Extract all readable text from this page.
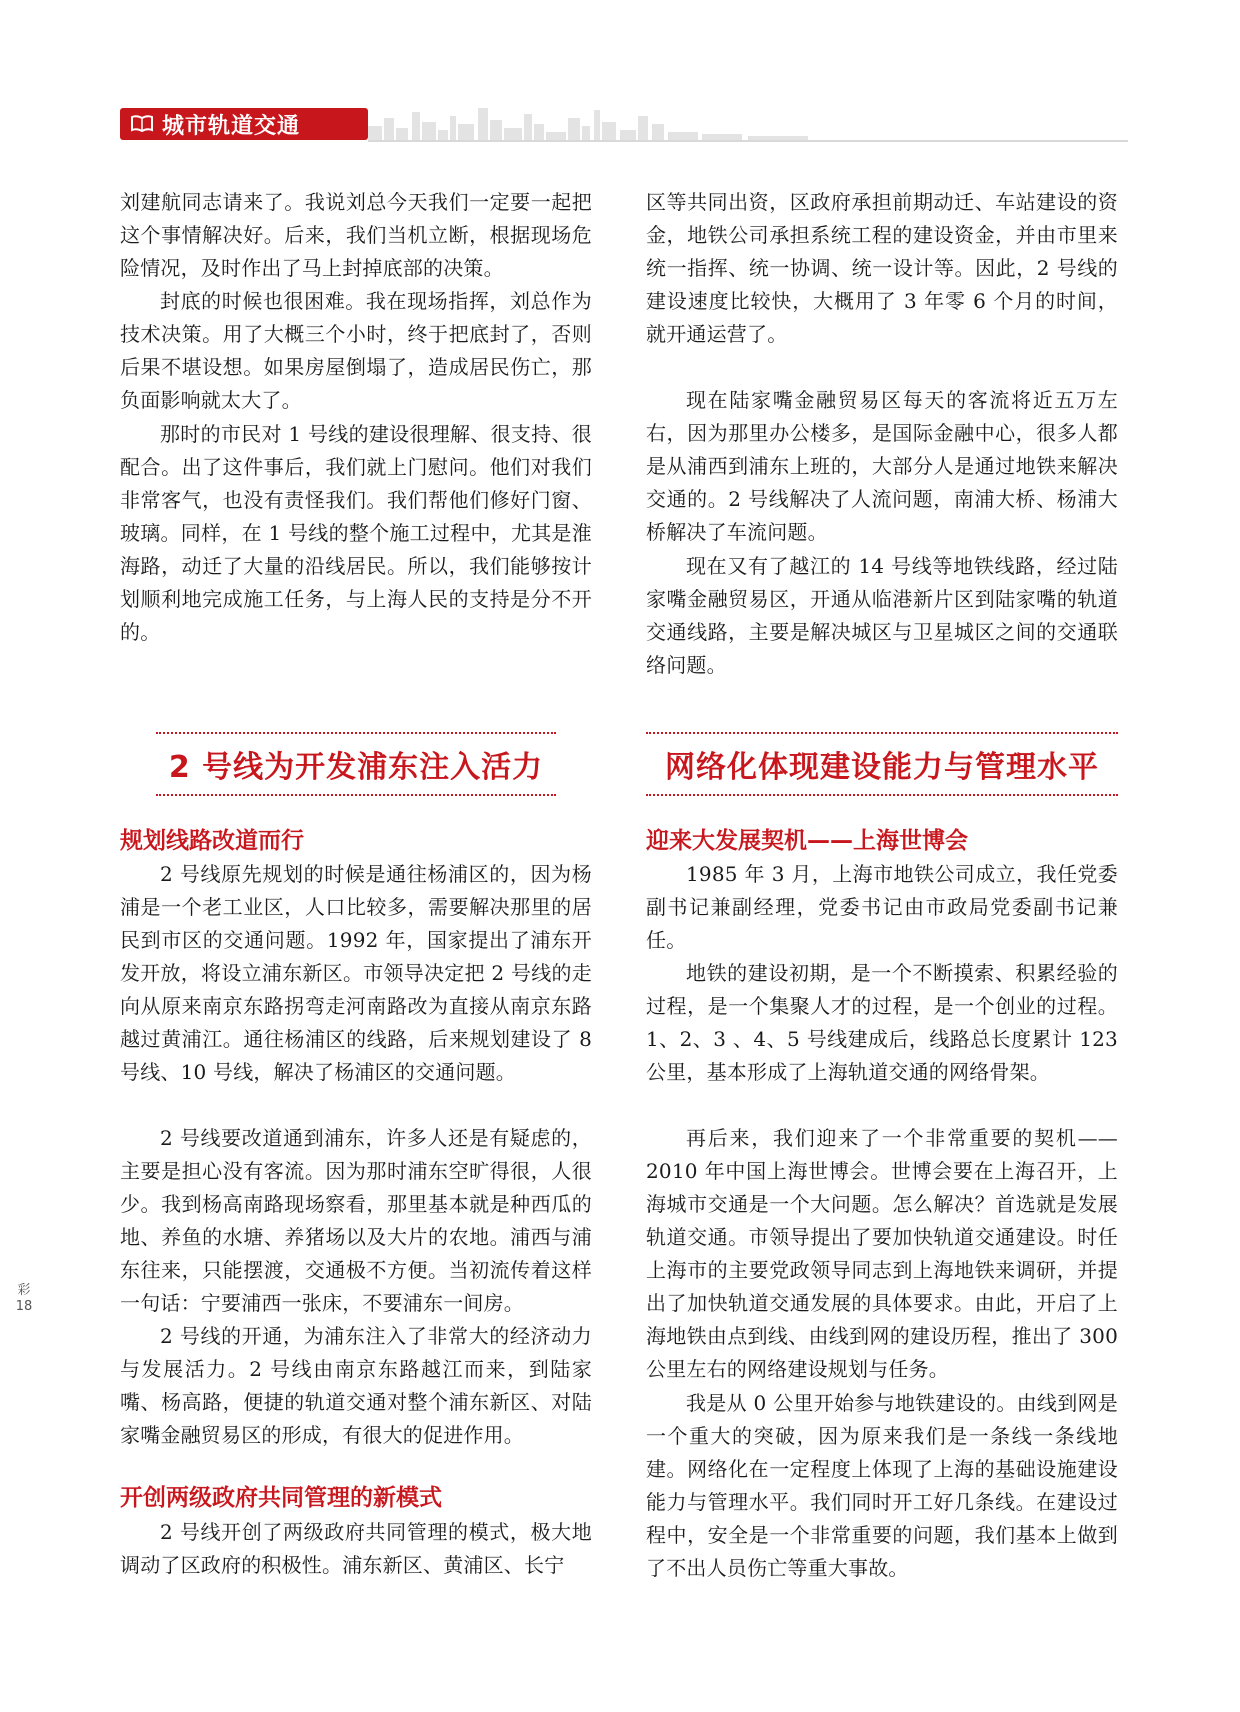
城市轨道交通

刘建航同志请来了。我说刘总今天我们一定要一起把这个事情解决好。后来，我们当机立断，根据现场危险情况，及时作出了马上封掉底部的决策。

封底的时候也很困难。我在现场指挥，刘总作为技术决策。用了大概三个小时，终于把底封了，否则后果不堪设想。如果房屋倒塌了，造成居民伤亡，那负面影响就太大了。

那时的市民对 1 号线的建设很理解、很支持、很配合。出了这件事后，我们就上门慰问。他们对我们非常客气，也没有责怪我们。我们帮他们修好门窗、玻璃。同样，在 1 号线的整个施工过程中，尤其是淮海路，动迁了大量的沿线居民。所以，我们能够按计划顺利地完成施工任务，与上海人民的支持是分不开的。

2 号线为开发浦东注入活力
规划线路改道而行

2 号线原先规划的时候是通往杨浦区的，因为杨浦是一个老工业区，人口比较多，需要解决那里的居民到市区的交通问题。1992 年，国家提出了浦东开发开放，将设立浦东新区。市领导决定把 2 号线的走向从原来南京东路拐弯走河南路改为直接从南京东路越过黄浦江。通往杨浦区的线路，后来规划建设了 8 号线、10 号线，解决了杨浦区的交通问题。

2 号线要改道通到浦东，许多人还是有疑虑的，主要是担心没有客流。因为那时浦东空旷得很，人很少。我到杨高南路现场察看，那里基本就是种西瓜的地、养鱼的水塘、养猪场以及大片的农地。浦西与浦东往来，只能摆渡，交通极不方便。当初流传着这样一句话：宁要浦西一张床，不要浦东一间房。

2 号线的开通，为浦东注入了非常大的经济动力与发展活力。2 号线由南京东路越江而来，到陆家嘴、杨高路，便捷的轨道交通对整个浦东新区、对陆家嘴金融贸易区的形成，有很大的促进作用。

开创两级政府共同管理的新模式

2 号线开创了两级政府共同管理的模式，极大地调动了区政府的积极性。浦东新区、黄浦区、长宁

区等共同出资，区政府承担前期动迁、车站建设的资金，地铁公司承担系统工程的建设资金，并由市里来统一指挥、统一协调、统一设计等。因此，2 号线的建设速度比较快，大概用了 3 年零 6 个月的时间，就开通运营了。

现在陆家嘴金融贸易区每天的客流将近五万左右，因为那里办公楼多，是国际金融中心，很多人都是从浦西到浦东上班的，大部分人是通过地铁来解决交通的。2 号线解决了人流问题，南浦大桥、杨浦大桥解决了车流问题。

现在又有了越江的 14 号线等地铁线路，经过陆家嘴金融贸易区，开通从临港新片区到陆家嘴的轨道交通线路，主要是解决城区与卫星城区之间的交通联络问题。

网络化体现建设能力与管理水平
迎来大发展契机——上海世博会

1985 年 3 月，上海市地铁公司成立，我任党委副书记兼副经理，党委书记由市政局党委副书记兼任。

地铁的建设初期，是一个不断摸索、积累经验的过程，是一个集聚人才的过程，是一个创业的过程。1、2、3 、4、5 号线建成后，线路总长度累计 123 公里，基本形成了上海轨道交通的网络骨架。

再后来，我们迎来了一个非常重要的契机——2010 年中国上海世博会。世博会要在上海召开，上海城市交通是一个大问题。怎么解决？首选就是发展轨道交通。市领导提出了要加快轨道交通建设。时任上海市的主要党政领导同志到上海地铁来调研，并提出了加快轨道交通发展的具体要求。由此，开启了上海地铁由点到线、由线到网的建设历程，推出了 300 公里左右的网络建设规划与任务。

我是从 0 公里开始参与地铁建设的。由线到网是一个重大的突破，因为原来我们是一条线一条线地建。网络化在一定程度上体现了上海的基础设施建设能力与管理水平。我们同时开工好几条线。在建设过程中，安全是一个非常重要的问题，我们基本上做到了不出人员伤亡等重大事故。

彩
18
